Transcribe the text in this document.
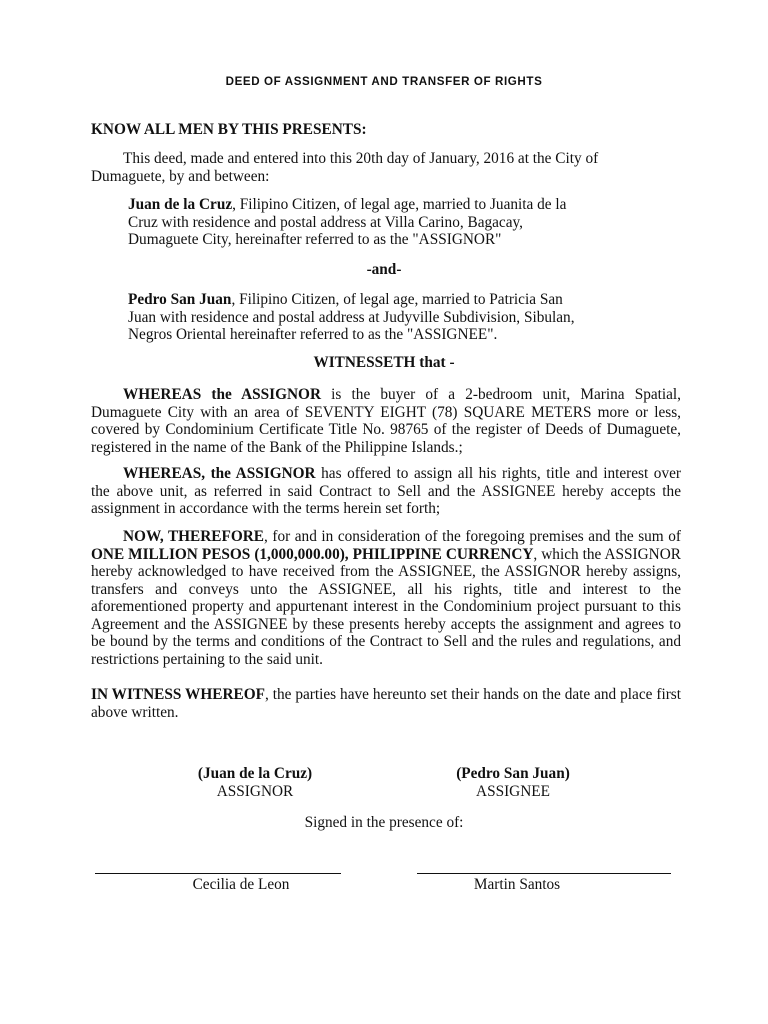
DEED OF ASSIGNMENT AND TRANSFER OF RIGHTS
KNOW ALL MEN BY THIS PRESENTS:
This deed, made and entered into this 20th day of January, 2016 at the City of
Dumaguete, by and between:
Juan de la Cruz, Filipino Citizen, of legal age, married to Juanita de la
Cruz with residence and postal address at Villa Carino, Bagacay,
Dumaguete City, hereinafter referred to as the "ASSIGNOR"
-and-
Pedro San Juan, Filipino Citizen, of legal age, married to Patricia San
Juan with residence and postal address at Judyville Subdivision, Sibulan,
Negros Oriental hereinafter referred to as the "ASSIGNEE".
WITNESSETH that -

WHEREAS the ASSIGNOR is the buyer of a 2-bedroom unit, Marina Spatial, Dumaguete City with an area of SEVENTY EIGHT (78) SQUARE METERS more or less, covered by Condominium Certificate Title No. 98765 of the register of Deeds of Dumaguete, registered in the name of the Bank of the Philippine Islands.;

WHEREAS, the ASSIGNOR has offered to assign all his rights, title and interest over the above unit, as referred in said Contract to Sell and the ASSIGNEE hereby accepts the assignment in accordance with the terms herein set forth;

NOW, THEREFORE, for and in consideration of the foregoing premises and the sum of ONE MILLION PESOS (1,000,000.00), PHILIPPINE CURRENCY, which the ASSIGNOR hereby acknowledged to have received from the ASSIGNEE, the ASSIGNOR hereby assigns, transfers and conveys unto the ASSIGNEE, all his rights, title and interest to the aforementioned property and appurtenant interest in the Condominium project pursuant to this Agreement and the ASSIGNEE by these presents hereby accepts the assignment and agrees to be bound by the terms and conditions of the Contract to Sell and the rules and regulations, and restrictions pertaining to the said unit.

IN WITNESS WHEREOF, the parties have hereunto set their hands on the date and place first above written.

(Juan de la Cruz)
ASSIGNOR
(Pedro San Juan)
ASSIGNEE
Signed in the presence of:
Cecilia de Leon	Martin Santos
